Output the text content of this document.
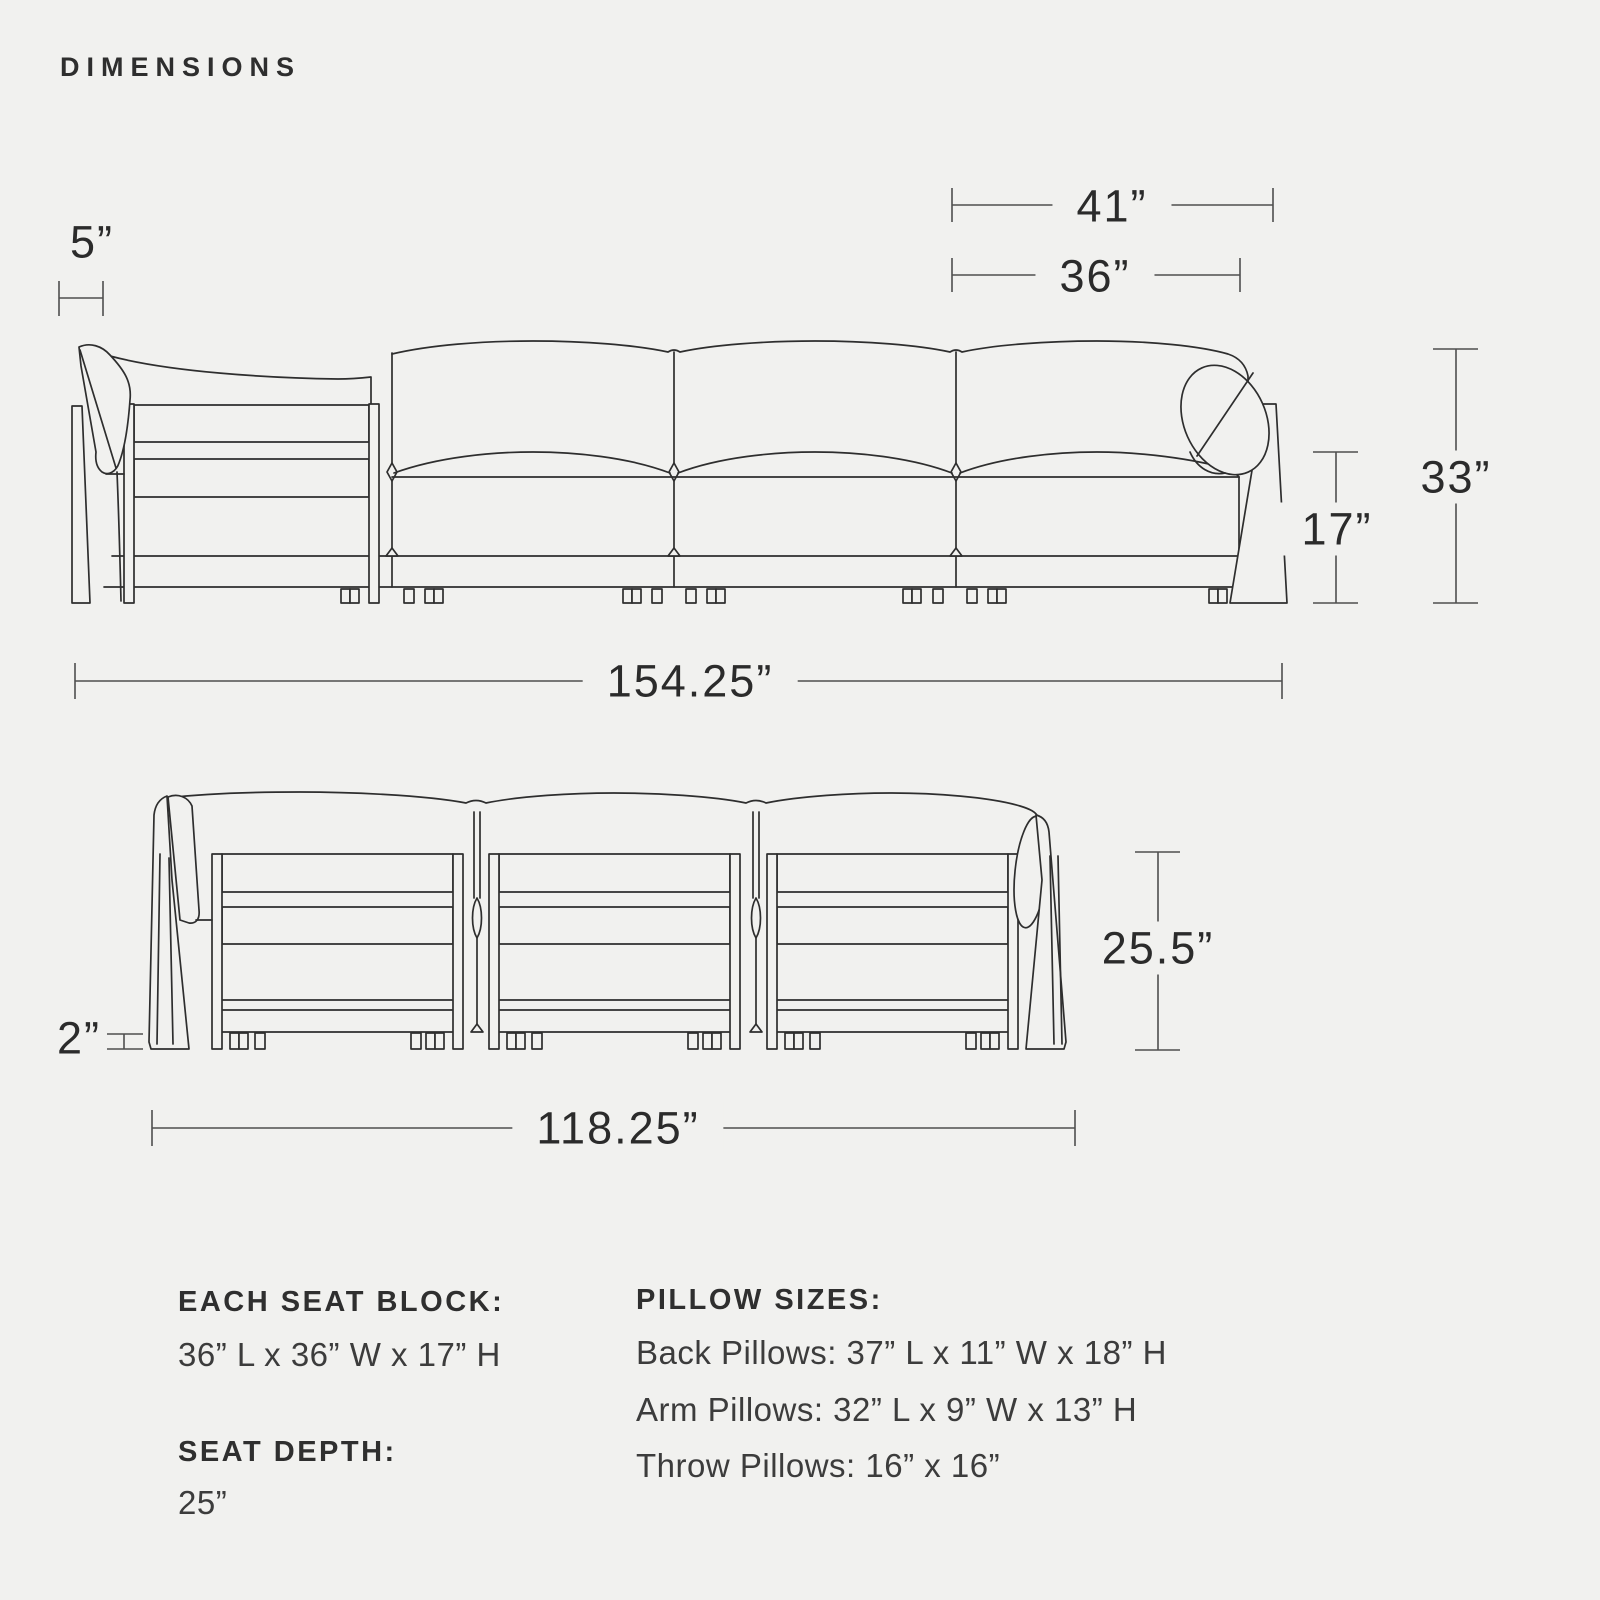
DIMENSIONS
5”
41”
36”
17”
33”
154.25”
2”
25.5”
118.25”
EACH SEAT BLOCK:
36” L x 36” W x 17” H
SEAT DEPTH:
25”
PILLOW SIZES:
Back Pillows: 37” L x 11” W x 18” H
Arm Pillows: 32” L x 9” W x 13” H
Throw Pillows: 16” x 16”
